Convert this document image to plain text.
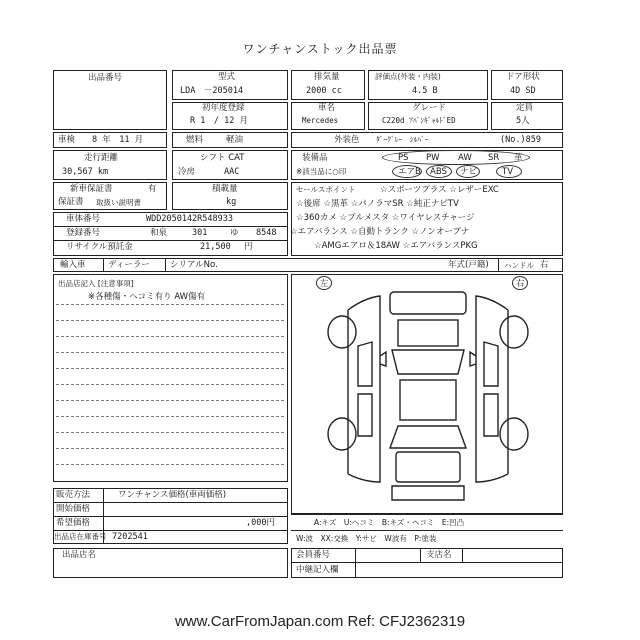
ワンチャンストック出品票
出品番号	型式
LDA　－205014
排気量
2000 cc
評価点(外装・内装)
4.5 B
ドア形状
4D SD
初年度登録
R 1　/ 12 月
車名
Mercedes
グレード
C220d ｱﾊﾞﾝｷﾞｬﾙﾄﾞED
定員
5人
車検 8 年　11 月	燃料	軽油	外装色 ﾀﾞｰｸﾞﾚｰ　ｼﾙﾊﾞｰ	(No.)859
走行距離
30,567 km
シフト CAT
冷房	AAC
装備品
※該当品に○印
PS PW AW SR 革
エアB ABS ナビ	TV
新車保証書	有
保証書 取扱い説明書
積載量
kg
セールスポイント	☆スポーツプラス ☆レザーEXC
☆後席 ☆黒革 ☆パノラマSR ☆純正ナビTV
☆360カメ ☆ブルメスタ ☆ワイヤレスチャージ
☆エアバランス ☆自動トランク ☆ノンオープナ
☆AMGエアロ＆18AW ☆エアバランスPKG
車体番号	WDD2050142R548933
登録番号	和泉	301	ゆ 8548
リサイクル預託金	21,500 円
輸入車	ディーラー シリアルNo.	年式(戸籍) ハンドル 右
出品店記入 [注意事項]
※各種傷・ヘコミ有り AW傷有
左	右
A:キズ　U:ヘコミ　B:キズ・ヘコミ　E:凹凸
W:波　XX:交換　Y:サビ　W波有　P:塗装
販売方法	ワンチャンス価格(車両価格)
開始価格
希望価格	,000円
出品店在庫番号 7202541
出品店名	会員番号	支店名
中継記入欄
www.CarFromJapan.com Ref: CFJ2362319
